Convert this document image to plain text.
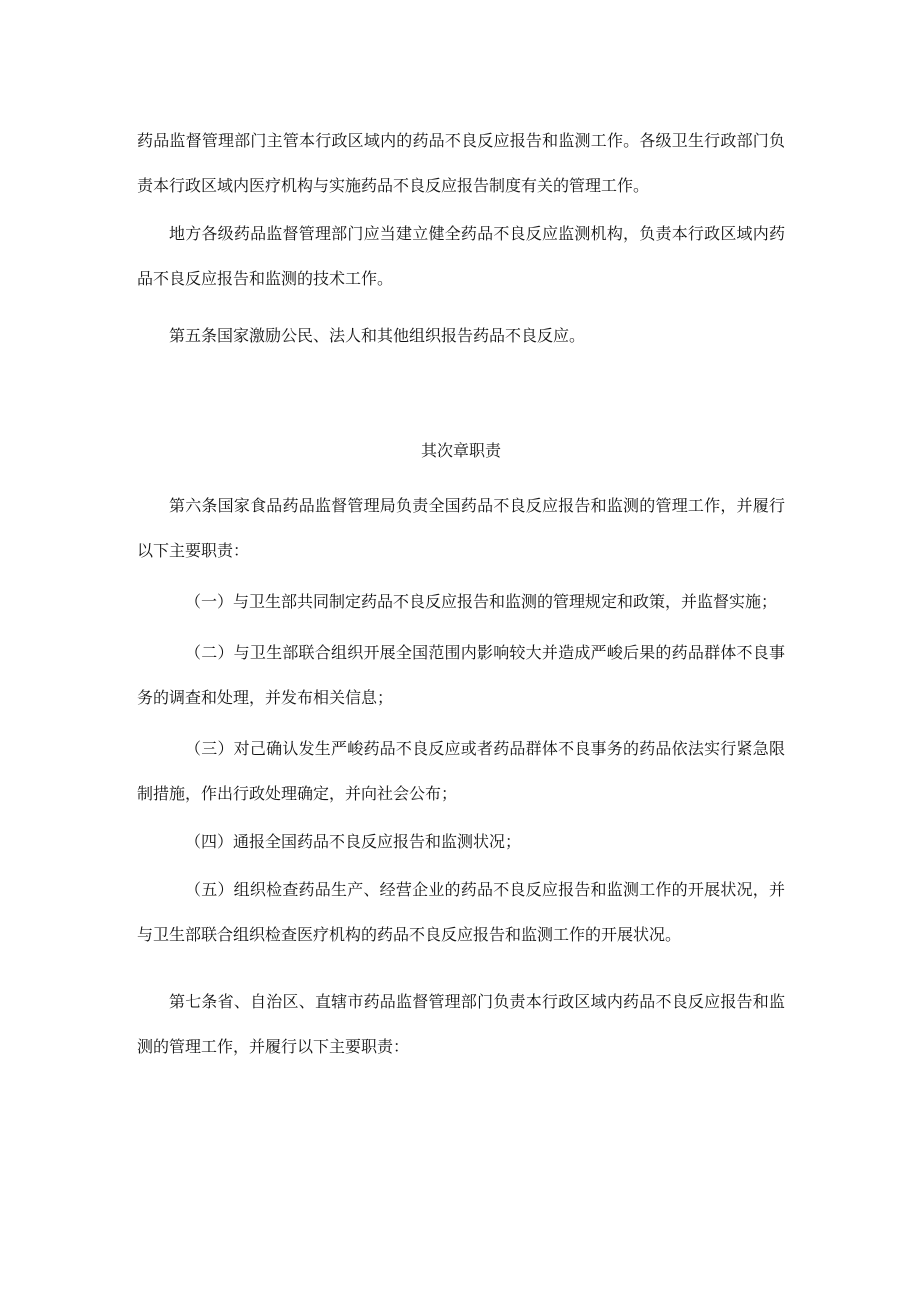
药品监督管理部门主管本行政区域内的药品不良反应报告和监测工作。各级卫生行政部门负责本行政区域内医疗机构与实施药品不良反应报告制度有关的管理工作。

地方各级药品监督管理部门应当建立健全药品不良反应监测机构，负责本行政区域内药品不良反应报告和监测的技术工作。

第五条国家激励公民、法人和其他组织报告药品不良反应。

其次章职责

第六条国家食品药品监督管理局负责全国药品不良反应报告和监测的管理工作，并履行以下主要职责：

（一）与卫生部共同制定药品不良反应报告和监测的管理规定和政策，并监督实施；

（二）与卫生部联合组织开展全国范围内影响较大并造成严峻后果的药品群体不良事务的调查和处理，并发布相关信息；

（三）对己确认发生严峻药品不良反应或者药品群体不良事务的药品依法实行紧急限制措施，作出行政处理确定，并向社会公布；

（四）通报全国药品不良反应报告和监测状况；

（五）组织检查药品生产、经营企业的药品不良反应报告和监测工作的开展状况，并与卫生部联合组织检查医疗机构的药品不良反应报告和监测工作的开展状况。

第七条省、自治区、直辖市药品监督管理部门负责本行政区域内药品不良反应报告和监测的管理工作，并履行以下主要职责：
